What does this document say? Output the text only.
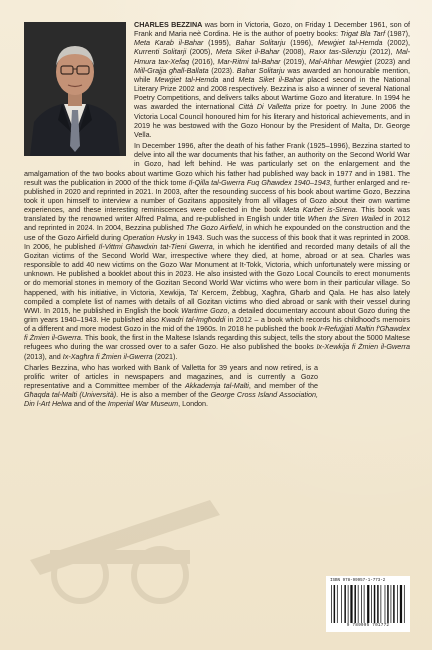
CHARLES BEZZINA was born in Victoria, Gozo, on Friday 1 December 1961, son of Frank and Maria neè Cordina. He is the author of poetry books: Trigat Bla Tarf (1987), Meta Karab il-Bahar (1995), Bahar Solitarju (1996), Mewġiet tal-Hemda (2002), Kurrenti Solitarji (2005), Meta Siket il-Bahar (2008), Raxx tas-Silenzju (2012), Mal-Hmura tax-Xefaq (2016), Mar-Ritmi tal-Bahar (2019), Mal-Ahhar Mewġiet (2023) and Mill-Grajja għall-Ballata (2023). Bahar Solitarju was awarded an honourable mention, while Mewġiet tal-Hemda and Meta Siket il-Bahar placed second in the National Literary Prize 2002 and 2008 respectively. Bezzina is also a winner of several National Poetry Competitions, and delivers talks about Wartime Gozo and literature. In 1994 he was awarded the international Città Di Valletta prize for poetry. In June 2006 the Victoria Local Council honoured him for his literary and historical achievements, and in 2019 he was bestowed with the Gozo Honour by the President of Malta, Dr. George Vella.

In December 1996, after the death of his father Frank (1925–1996), Bezzina started to delve into all the war documents that his father, an authority on the Second World War in Gozo, had left behind. He was particularly set on the enlargement and the amalgamation of the two books about wartime Gozo which his father had published way back in 1977 and in 1981. The result was the publication in 2000 of the thick tome Il-Qilla tal-Gwerra Fuq Għawdex 1940–1943, further enlarged and re-published in 2020 and reprinted in 2021. In 2003, after the resounding success of his book about wartime Gozo, Bezzina took it upon himself to interview a number of Gozitans appositely from all villages of Gozo about their own wartime experiences, and these interesting reminiscences were collected in the book Meta Karbet is-Sirena. This book was translated by the renowned writer Alfred Palma, and re-published in English under title When the Siren Wailed in 2012 and reprinted in 2024. In 2004, Bezzina published The Gozo Airfield, in which he expounded on the construction and the use of the Gozo Airfield during Operation Husky in 1943. Such was the success of this book that it was reprinted in 2008. In 2006, he published Il-Vittmi Għawdxin tat-Tieni Gwerra, in which he identified and recorded many details of all the Gozitan victims of the Second World War, irrespective where they died, at home, abroad or at sea. Charles was responsible to add 40 new victims on the Gozo War Monument at It-Tokk, Victoria, which unfortunately were missing or unknown. He published a booklet about this in 2023. He also insisted with the Gozo Local Councils to erect monuments or do memorial stones in memory of the Gozitan Second World War victims who were born in their particular village. So happened, with his initiative, in Victoria, Xewkija, Ta' Kercem, Żebbug, Xagħra, Għarb and Qala. He has also lately compiled a complete list of names with details of all Gozitan victims who died abroad or sank with their vessel during WWI. In 2015, he published in English the book Wartime Gozo, a detailed documentary account about Gozo during the grim years 1940–1943. He published also Kwadri tal-Imgħoddi in 2012 – a book which records his childhood's memoirs of a different and more modest Gozo in the mid of the 1960s. In 2018 he published the book Ir-Refuġjati Maltin f'Għawdex fi Żmien il-Gwerra. This book, the first in the Maltese Islands regarding this subject, tells the story about the 5000 Maltese refugees who during the war crossed over to a safer Gozo. He also published the books Ix-Xewkija fi Żmien il-Gwerra (2013), and Ix-Xagħra fi Żmien il-Gwerra (2021).

Charles Bezzina, who has worked with Bank of Valletta for 39 years and now retired, is a prolific writer of articles in newspapers and magazines, and is currently a Gozo representative and a Committee member of the Akkademja tal-Malti, and member of the Għaqda tal-Malti (Università). He is also a member of the George Cross Island Association, Din l-Art Helwa and of the Imperial War Museum, London.

ISBN 978-99957-1-773-2
9 789995 701772
